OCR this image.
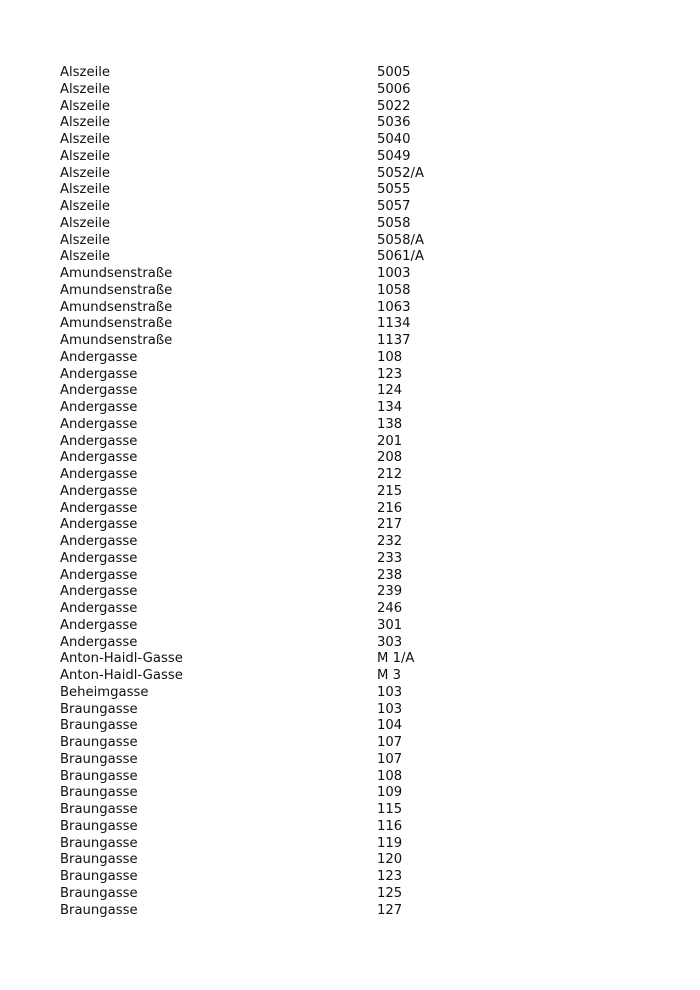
Alszeile	5005
Alszeile	5006
Alszeile	5022
Alszeile	5036
Alszeile	5040
Alszeile	5049
Alszeile	5052/A
Alszeile	5055
Alszeile	5057
Alszeile	5058
Alszeile	5058/A
Alszeile	5061/A
Amundsenstraße	1003
Amundsenstraße	1058
Amundsenstraße	1063
Amundsenstraße	1134
Amundsenstraße	1137
Andergasse	108
Andergasse	123
Andergasse	124
Andergasse	134
Andergasse	138
Andergasse	201
Andergasse	208
Andergasse	212
Andergasse	215
Andergasse	216
Andergasse	217
Andergasse	232
Andergasse	233
Andergasse	238
Andergasse	239
Andergasse	246
Andergasse	301
Andergasse	303
Anton-Haidl-Gasse	M 1/A
Anton-Haidl-Gasse	M 3
Beheimgasse	103
Braungasse	103
Braungasse	104
Braungasse	107
Braungasse	107
Braungasse	108
Braungasse	109
Braungasse	115
Braungasse	116
Braungasse	119
Braungasse	120
Braungasse	123
Braungasse	125
Braungasse	127
